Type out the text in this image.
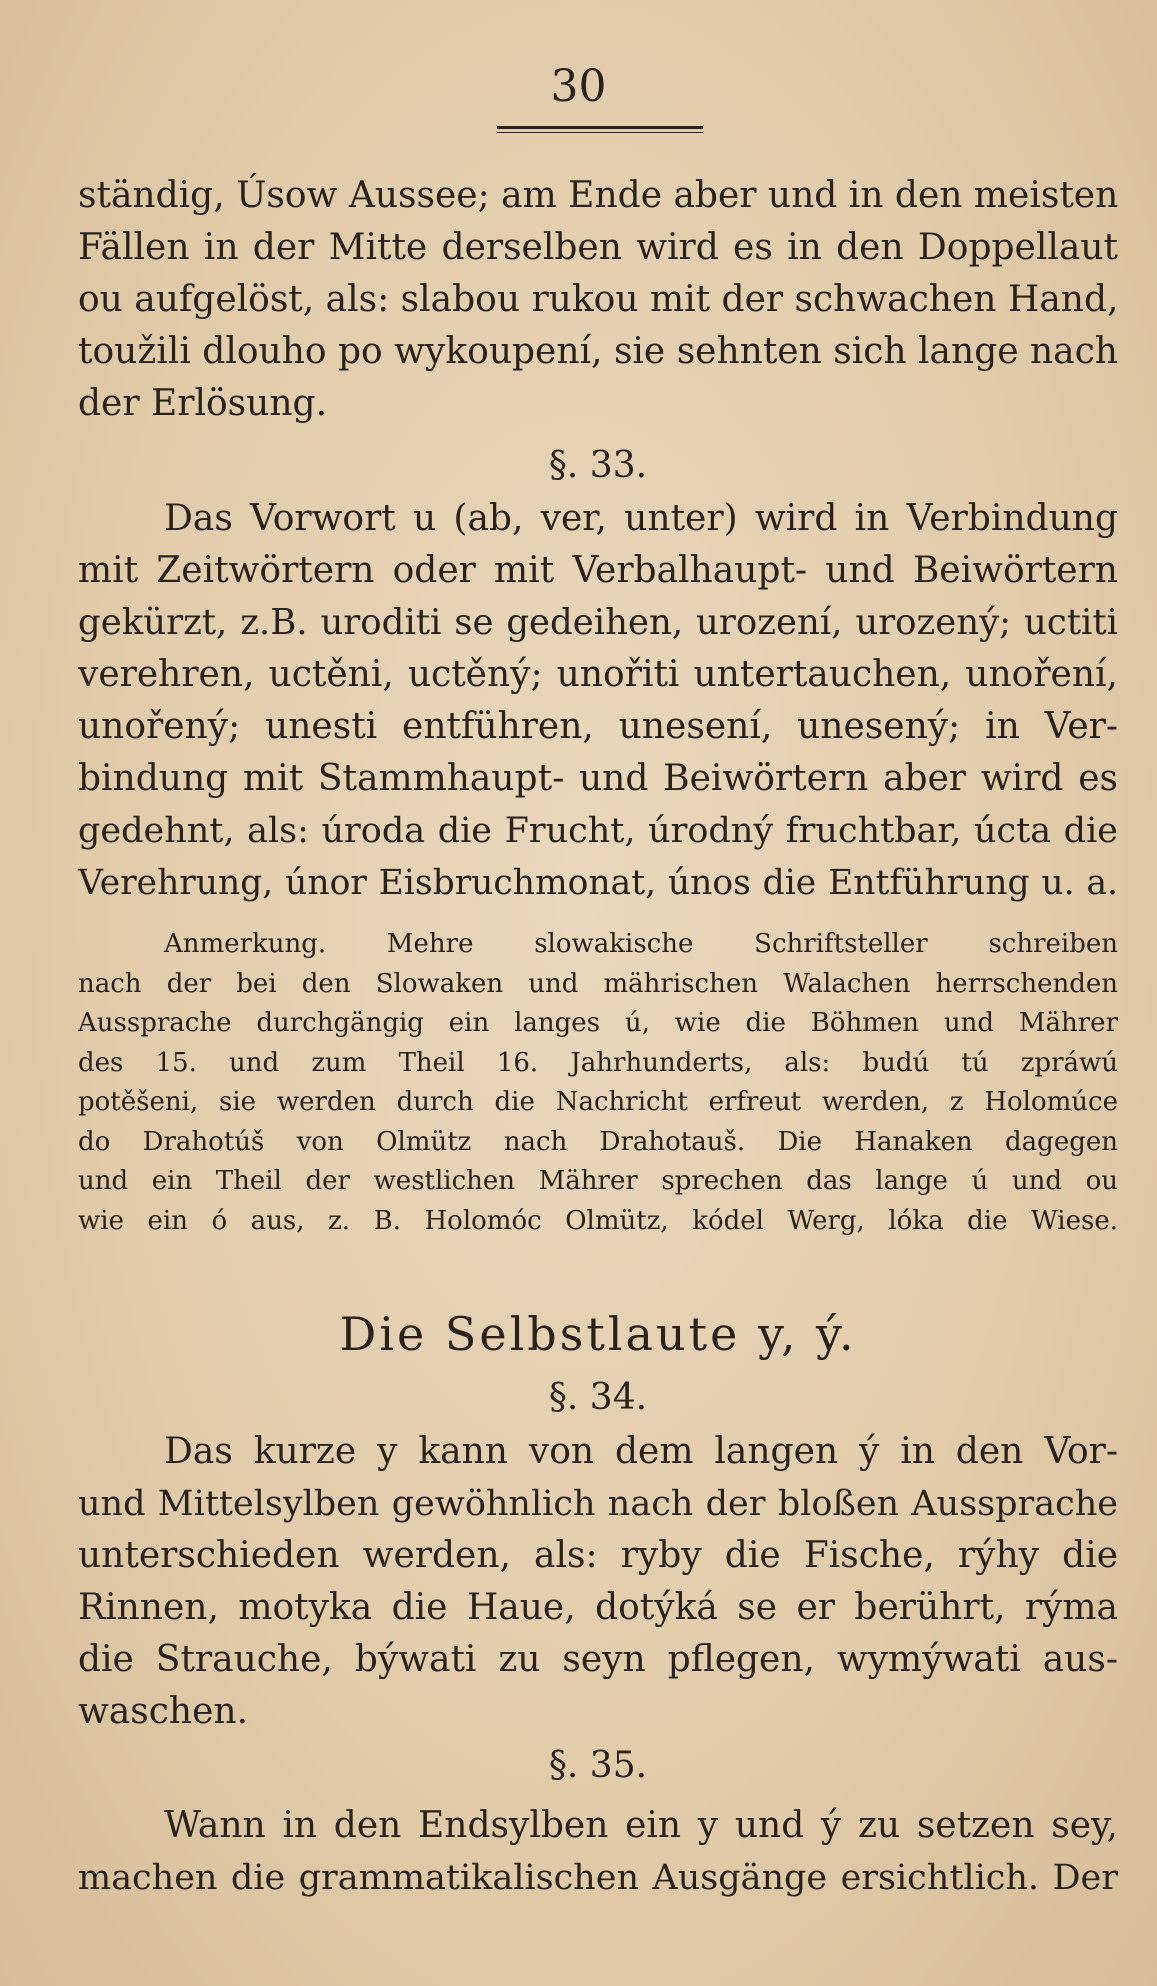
30
ständig, Úsow Aussee; am Ende aber und in den meisten
Fällen in der Mitte derselben wird es in den Doppellaut
ou aufgelöst, als: slabou rukou mit der schwachen Hand,
toužili dlouho po wykoupení, sie sehnten sich lange nach
der Erlösung.
§. 33.
Das Vorwort u (ab, ver, unter) wird in Verbindung
mit Zeitwörtern oder mit Verbalhaupt- und Beiwörtern
gekürzt, z.B. uroditi se gedeihen, urození, urozený; uctiti
verehren, uctěni, uctěný; unořiti untertauchen, unoření,
unořený; unesti entführen, unesení, unesený; in Ver-
bindung mit Stammhaupt- und Beiwörtern aber wird es
gedehnt, als: úroda die Frucht, úrodný fruchtbar, úcta die
Verehrung, únor Eisbruchmonat, únos die Entführung u. a.
Anmerkung. Mehre slowakische Schriftsteller schreiben
nach der bei den Slowaken und mährischen Walachen herrschenden
Aussprache durchgängig ein langes ú, wie die Böhmen und Mährer
des 15. und zum Theil 16. Jahrhunderts, als: budú tú zpráwú
potěšeni, sie werden durch die Nachricht erfreut werden, z Holomúce
do Drahotúš von Olmütz nach Drahotauš. Die Hanaken dagegen
und ein Theil der westlichen Mährer sprechen das lange ú und ou
wie ein ó aus, z. B. Holomóc Olmütz, kódel Werg, lóka die Wiese.
Die Selbstlaute y, ý.
§. 34.
Das kurze y kann von dem langen ý in den Vor-
und Mittelsylben gewöhnlich nach der bloßen Aussprache
unterschieden werden, als: ryby die Fische, rýhy die
Rinnen, motyka die Haue, dotýká se er berührt, rýma
die Strauche, býwati zu seyn pflegen, wymýwati aus-
waschen.
§. 35.
Wann in den Endsylben ein y und ý zu setzen sey,
machen die grammatikalischen Ausgänge ersichtlich. Der
